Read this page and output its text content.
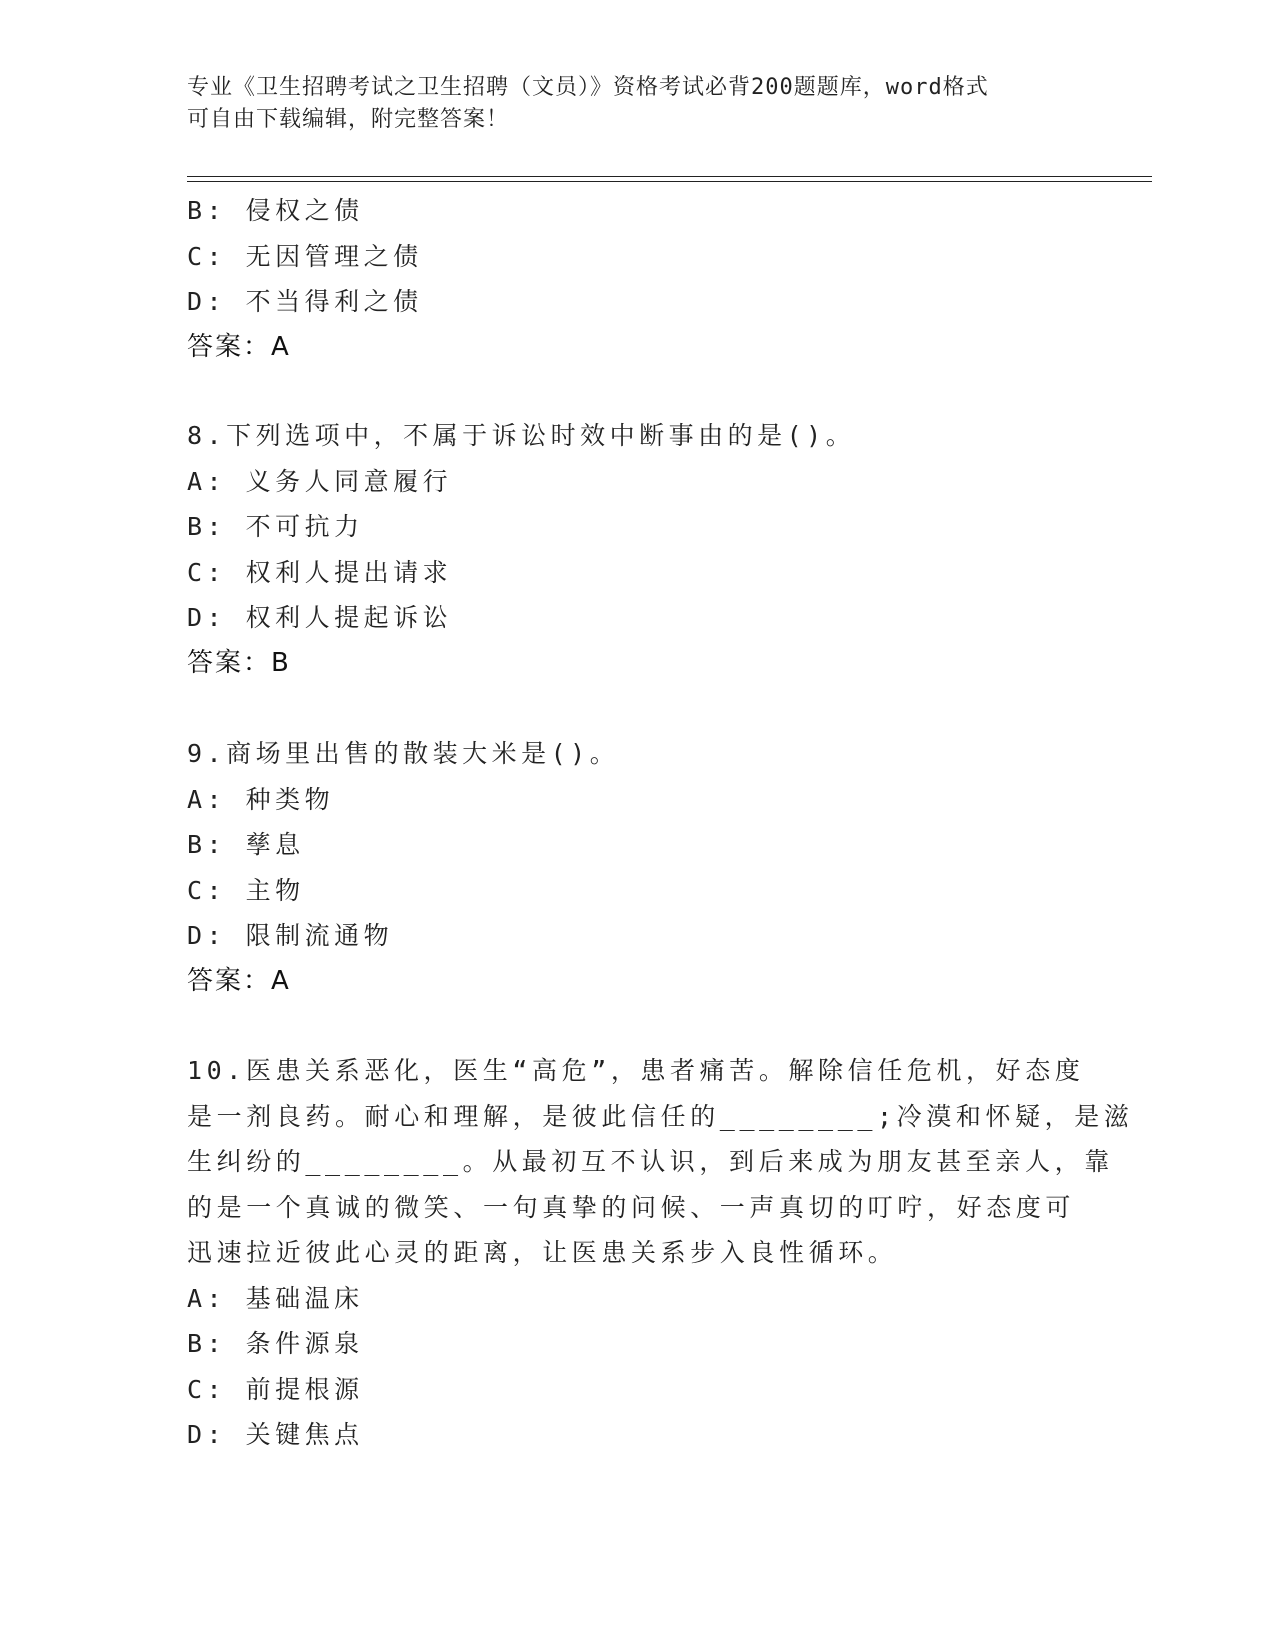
专业《卫生招聘考试之卫生招聘（文员）》资格考试必背200题题库，word格式
可自由下载编辑，附完整答案！
B: 侵权之债
C: 无因管理之债
D: 不当得利之债
答案：A
8.下列选项中，不属于诉讼时效中断事由的是()。
A: 义务人同意履行
B: 不可抗力
C: 权利人提出请求
D: 权利人提起诉讼
答案：B
9.商场里出售的散装大米是()。
A: 种类物
B: 孳息
C: 主物
D: 限制流通物
答案：A
10.医患关系恶化，医生“高危”，患者痛苦。解除信任危机，好态度
是一剂良药。耐心和理解，是彼此信任的________;冷漠和怀疑，是滋
生纠纷的________。从最初互不认识，到后来成为朋友甚至亲人，靠
的是一个真诚的微笑、一句真挚的问候、一声真切的叮咛，好态度可
迅速拉近彼此心灵的距离，让医患关系步入良性循环。
A: 基础温床
B: 条件源泉
C: 前提根源
D: 关键焦点
